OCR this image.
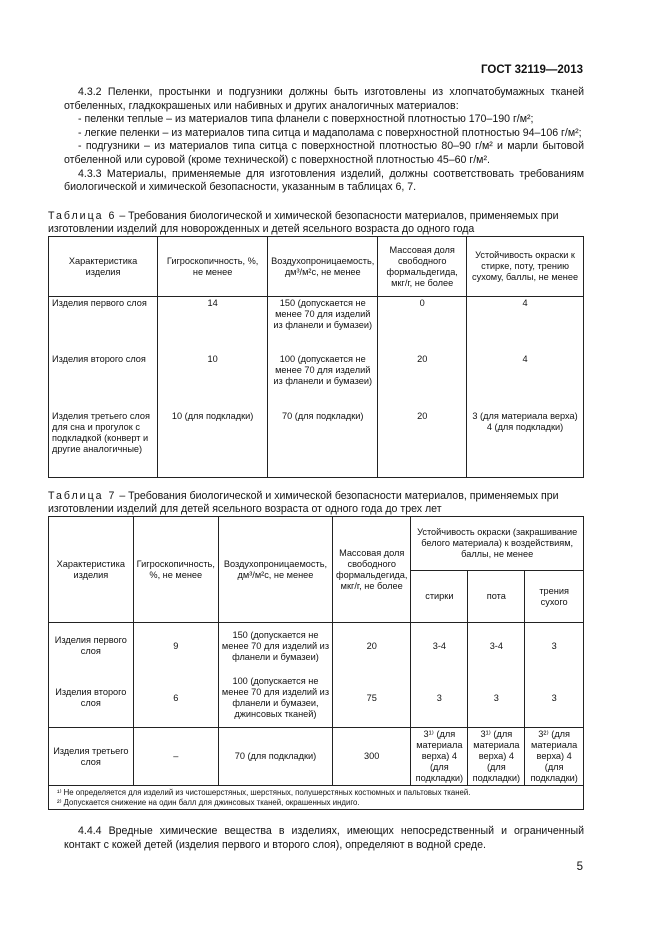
ГОСТ 32119—2013
4.3.2 Пеленки, простынки и подгузники должны быть изготовлены из хлопчатобумажных тканей отбеленных, гладкокрашеных или набивных и других аналогичных материалов:
- пеленки теплые – из материалов типа фланели с поверхностной плотностью 170–190 г/м²;
- легкие пеленки – из материалов типа ситца и мадаполама с поверхностной плотностью 94–106 г/м²;
- подгузники – из материалов типа ситца с поверхностной плотностью 80–90 г/м² и марли бытовой отбеленной или суровой (кроме технической) с поверхностной плотностью 45–60 г/м².
4.3.3 Материалы, применяемые для изготовления изделий, должны соответствовать требованиям биологической и химической безопасности, указанным в таблицах 6, 7.
Таблица 6 – Требования биологической и химической безопасности материалов, применяемых при изготовлении изделий для новорожденных и детей ясельного возраста до одного года
Характеристика изделия	Гигроскопичность, %, не менее	Воздухопроницаемость, дм³/м²с, не менее	Массовая доля свободного формальдегида, мкг/г, не более	Устойчивость окраски к стирке, поту, трению сухому, баллы, не менее
Изделия первого слоя	14	150 (допускается не менее 70 для изделий из фланели и бумазеи)	0	4
Изделия второго слоя	10	100 (допускается не менее 70 для изделий из фланели и бумазеи)	20	4
Изделия третьего слоя для сна и прогулок с подкладкой (конверт и другие аналогичные)	10 (для подкладки)	70 (для подкладки)	20	3 (для материала верха) 4 (для подкладки)
Таблица 7 – Требования биологической и химической безопасности материалов, применяемых при изготовлении изделий для детей ясельного возраста от одного года до трех лет
Характеристика изделия	Гигроскопичность, %, не менее	Воздухопроницаемость, дм³/м²с, не менее	Массовая доля свободного формальдегида, мкг/г, не более	Устойчивость окраски (закрашивание белого материала) к воздействиям, баллы, не менее		
				стирки	пота	трения сухого
Изделия первого слоя	9	150 (допускается не менее 70 для изделий из фланели и бумазеи)	20	3-4	3-4	3
Изделия второго слоя	6	100 (допускается не менее 70 для изделий из фланели и бумазеи, джинсовых тканей)	75	3	3	3
Изделия третьего слоя	–	70 (для подкладки)	300	3¹⁾ (для материала верха) 4 (для подкладки)	3¹⁾ (для материала верха) 4 (для подкладки)	3²⁾ (для материала верха) 4 (для подкладки)

¹⁾ Не определяется для изделий из чистошерстяных, шерстяных, полушерстяных костюмных и пальтовых тканей.
²⁾ Допускается снижение на один балл для джинсовых тканей, окрашенных индиго.						
4.4.4 Вредные химические вещества в изделиях, имеющих непосредственный и ограниченный контакт с кожей детей (изделия первого и второго слоя), определяют в водной среде.
5
